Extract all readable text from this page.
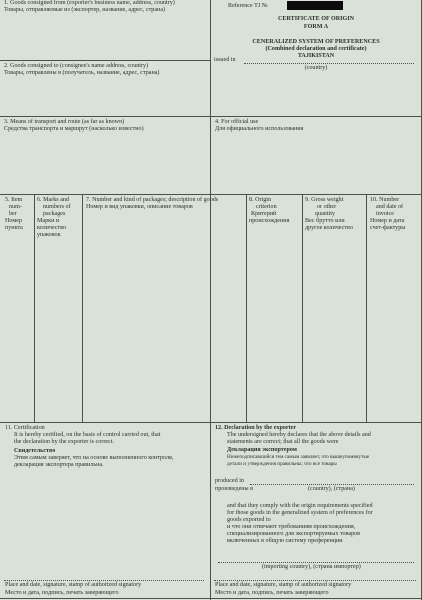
1. Goods consigned from (exporter's business name, address, country)
Товары, отправляемые из (экспортер, название, адрес, страна)
2. Goods consigned to (consignee's name address, country)
Товары, отправлены в (получатель, название, адрес, страна)
Reference TJ №
CERTIFICATE OF ORIGIN
FORM A
CENERALIZED SYSTEM OF PREFERENCES
(Combined declaration and certificate)
TAJIKISTAN
issued in
(country)
3. Means of transport and route (as far as known)
Средства транспорта и маршрут (насколько известно)
4. For official use
Для официального использования
5. Item
num-
ber
Номер
пункта
6. Marks and
numbers of
packages
Марки и
количество
упаковок
7. Number and kind of packages; description of goods
Номер и вид упаковки, описание товаров
8. Origin
criterion
Критерий
происхождения
9. Gross weight
or other
quantity
Вес брутто или
другое количество
10. Number
and date of
invoice
Номер и дата
счет-фактуры
11. Certification
It is hereby certified, on the basis of control carried out, that
the declaration by the exporter is correct.
Свидетельство
Этим самым заверяет, что на основе выполненного контроля,
декларация экспортера правильна.
Place and date, signature, stamp of authorized signatory
Место и дата, подпись, печать заверяющего
12. Declaration by the exporter
The undersigned hereby declares that the above details and
statements are correct; that all the goods were
Декларация экспортером
Нижеподписавшийся тем самым заявляет, что вышеупомянутые
детали и утверждения правильны; что все товары
produced in
произведены в	(country), (страна)
and that they comply with the origin requirements specified
for those goods in the generalized system of preferences for
goods exported to
и что они отвечают требованиям происхождения,
специализированного для экспортируемых товаров
включенных в общую систему преференции
(importing country), (страна импортер)
Place and date, signature, stamp of authorized signatory
Место и дата, подпись, печать заверяющего
